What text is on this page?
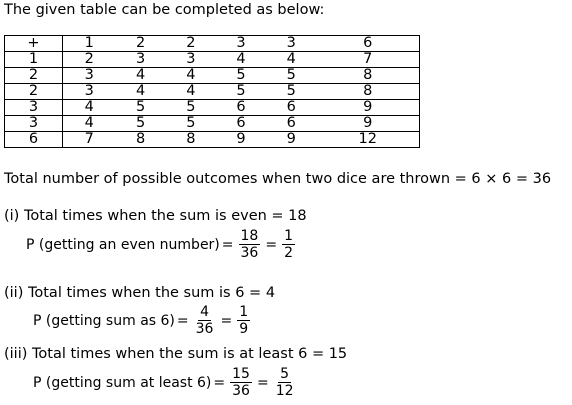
The given table can be completed as below:
+	1	2	2	3	3	6
1	2	3	3	4	4	7
2	3	4	4	5	5	8
2	3	4	4	5	5	8
3	4	5	5	6	6	9
3	4	5	5	6	6	9
6	7	8	8	9	9	12
Total number of possible outcomes when two dice are thrown = 6 × 6 = 36
(i) Total times when the sum is even = 18
P (getting an even number) = $\frac{18}{36} = \frac{1}{2}$
(ii) Total times when the sum is 6 = 4
P (getting sum as $6) = \frac{4}{36} = \frac{1}{9}$
(iii) Total times when the sum is at least 6 = 15
P (getting sum at least $6) = \frac{15}{36} = \frac{5}{12}$
